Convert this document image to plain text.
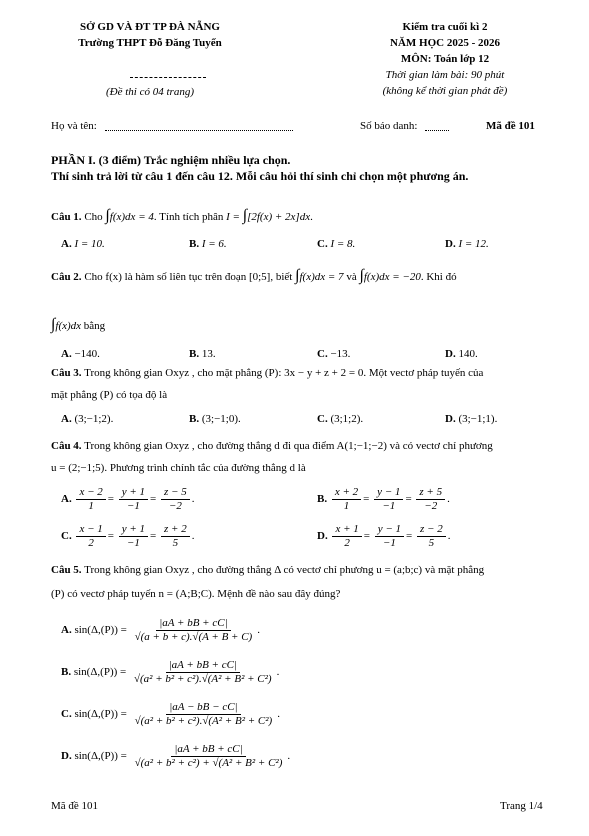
SỞ GD VÀ ĐT TP ĐÀ NẴNG
Trường THPT Đỗ Đăng Tuyển
(Đề thi có 04 trang)
Kiểm tra cuối kì 2
NĂM HỌC 2025 - 2026
MÔN: Toán lớp 12
Thời gian làm bài: 90 phút
(không kể thời gian phát đề)
Họ và tên:	Số báo danh:	Mã đề 101
PHẦN I. (3 điểm) Trắc nghiệm nhiều lựa chọn.
Thí sinh trả lời từ câu 1 đến câu 12. Mỗi câu hỏi thí sinh chỉ chọn một phương án.
Câu 1. Cho ∫f(x)dx = 4. Tính tích phân I = ∫[2f(x) + 2x]dx.
A. I = 10.	B. I = 6.	C. I = 8.	D. I = 12.
Câu 2. Cho f(x) là hàm số liên tục trên đoạn [0;5], biết ∫f(x)dx = 7 và ∫f(x)dx = −20. Khi đó
∫f(x)dx bằng
A. −140.	B. 13.	C. −13.	D. 140.
Câu 3. Trong không gian Oxyz , cho mặt phẳng (P): 3x − y + z + 2 = 0. Một vectơ pháp tuyến của
mặt phẳng (P) có tọa độ là
A. (3;−1;2).	B. (3;−1;0).	C. (3;1;2).	D. (3;−1;1).
Câu 4. Trong không gian Oxyz , cho đường thẳng d đi qua điểm A(1;−1;−2) và có vectơ chỉ phương
u = (2;−1;5). Phương trình chính tắc của đường thẳng d là
A. $\frac{x - 2}{1} = \frac{y + 1}{-1} = \frac{z - 5}{-2}$ .	B. $\frac{x + 2}{1} = \frac{y - 1}{-1} = \frac{z + 5}{-2}$ .
C. $\frac{x - 1}{2} = \frac{y + 1}{-1} = \frac{z + 2}{5}$ .	D. $\frac{x + 1}{2} = \frac{y - 1}{-1} = \frac{z - 2}{5}$ .
Câu 5. Trong không gian Oxyz , cho đường thẳng Δ có vectơ chỉ phương u = (a;b;c) và mặt phẳng
(P) có vectơ pháp tuyến n = (A;B;C). Mệnh đề nào sau đây đúng?
A. $\sin(\Delta,(P)) = \frac{|aA + bB + cC|}{√(a + b + c).√(A + B + C)}$ .
B. $\sin(\Delta,(P)) = \frac{|aA + bB + cC|}{\text{√(a² + b² + c²).√(A² + B² + C²)}}$ .
C. $\sin(\Delta,(P)) = \frac{|aA - bB - cC|}{\text{√(a² + b² + c²).√(A² + B² + C²)}}$ .
D. $\sin(\Delta,(P)) = \frac{|aA + bB + cC|}{\text{√(a² + b² + c²) + √(A² + B² + C²)}}$ .
Mã đề 101	Trang 1/4
